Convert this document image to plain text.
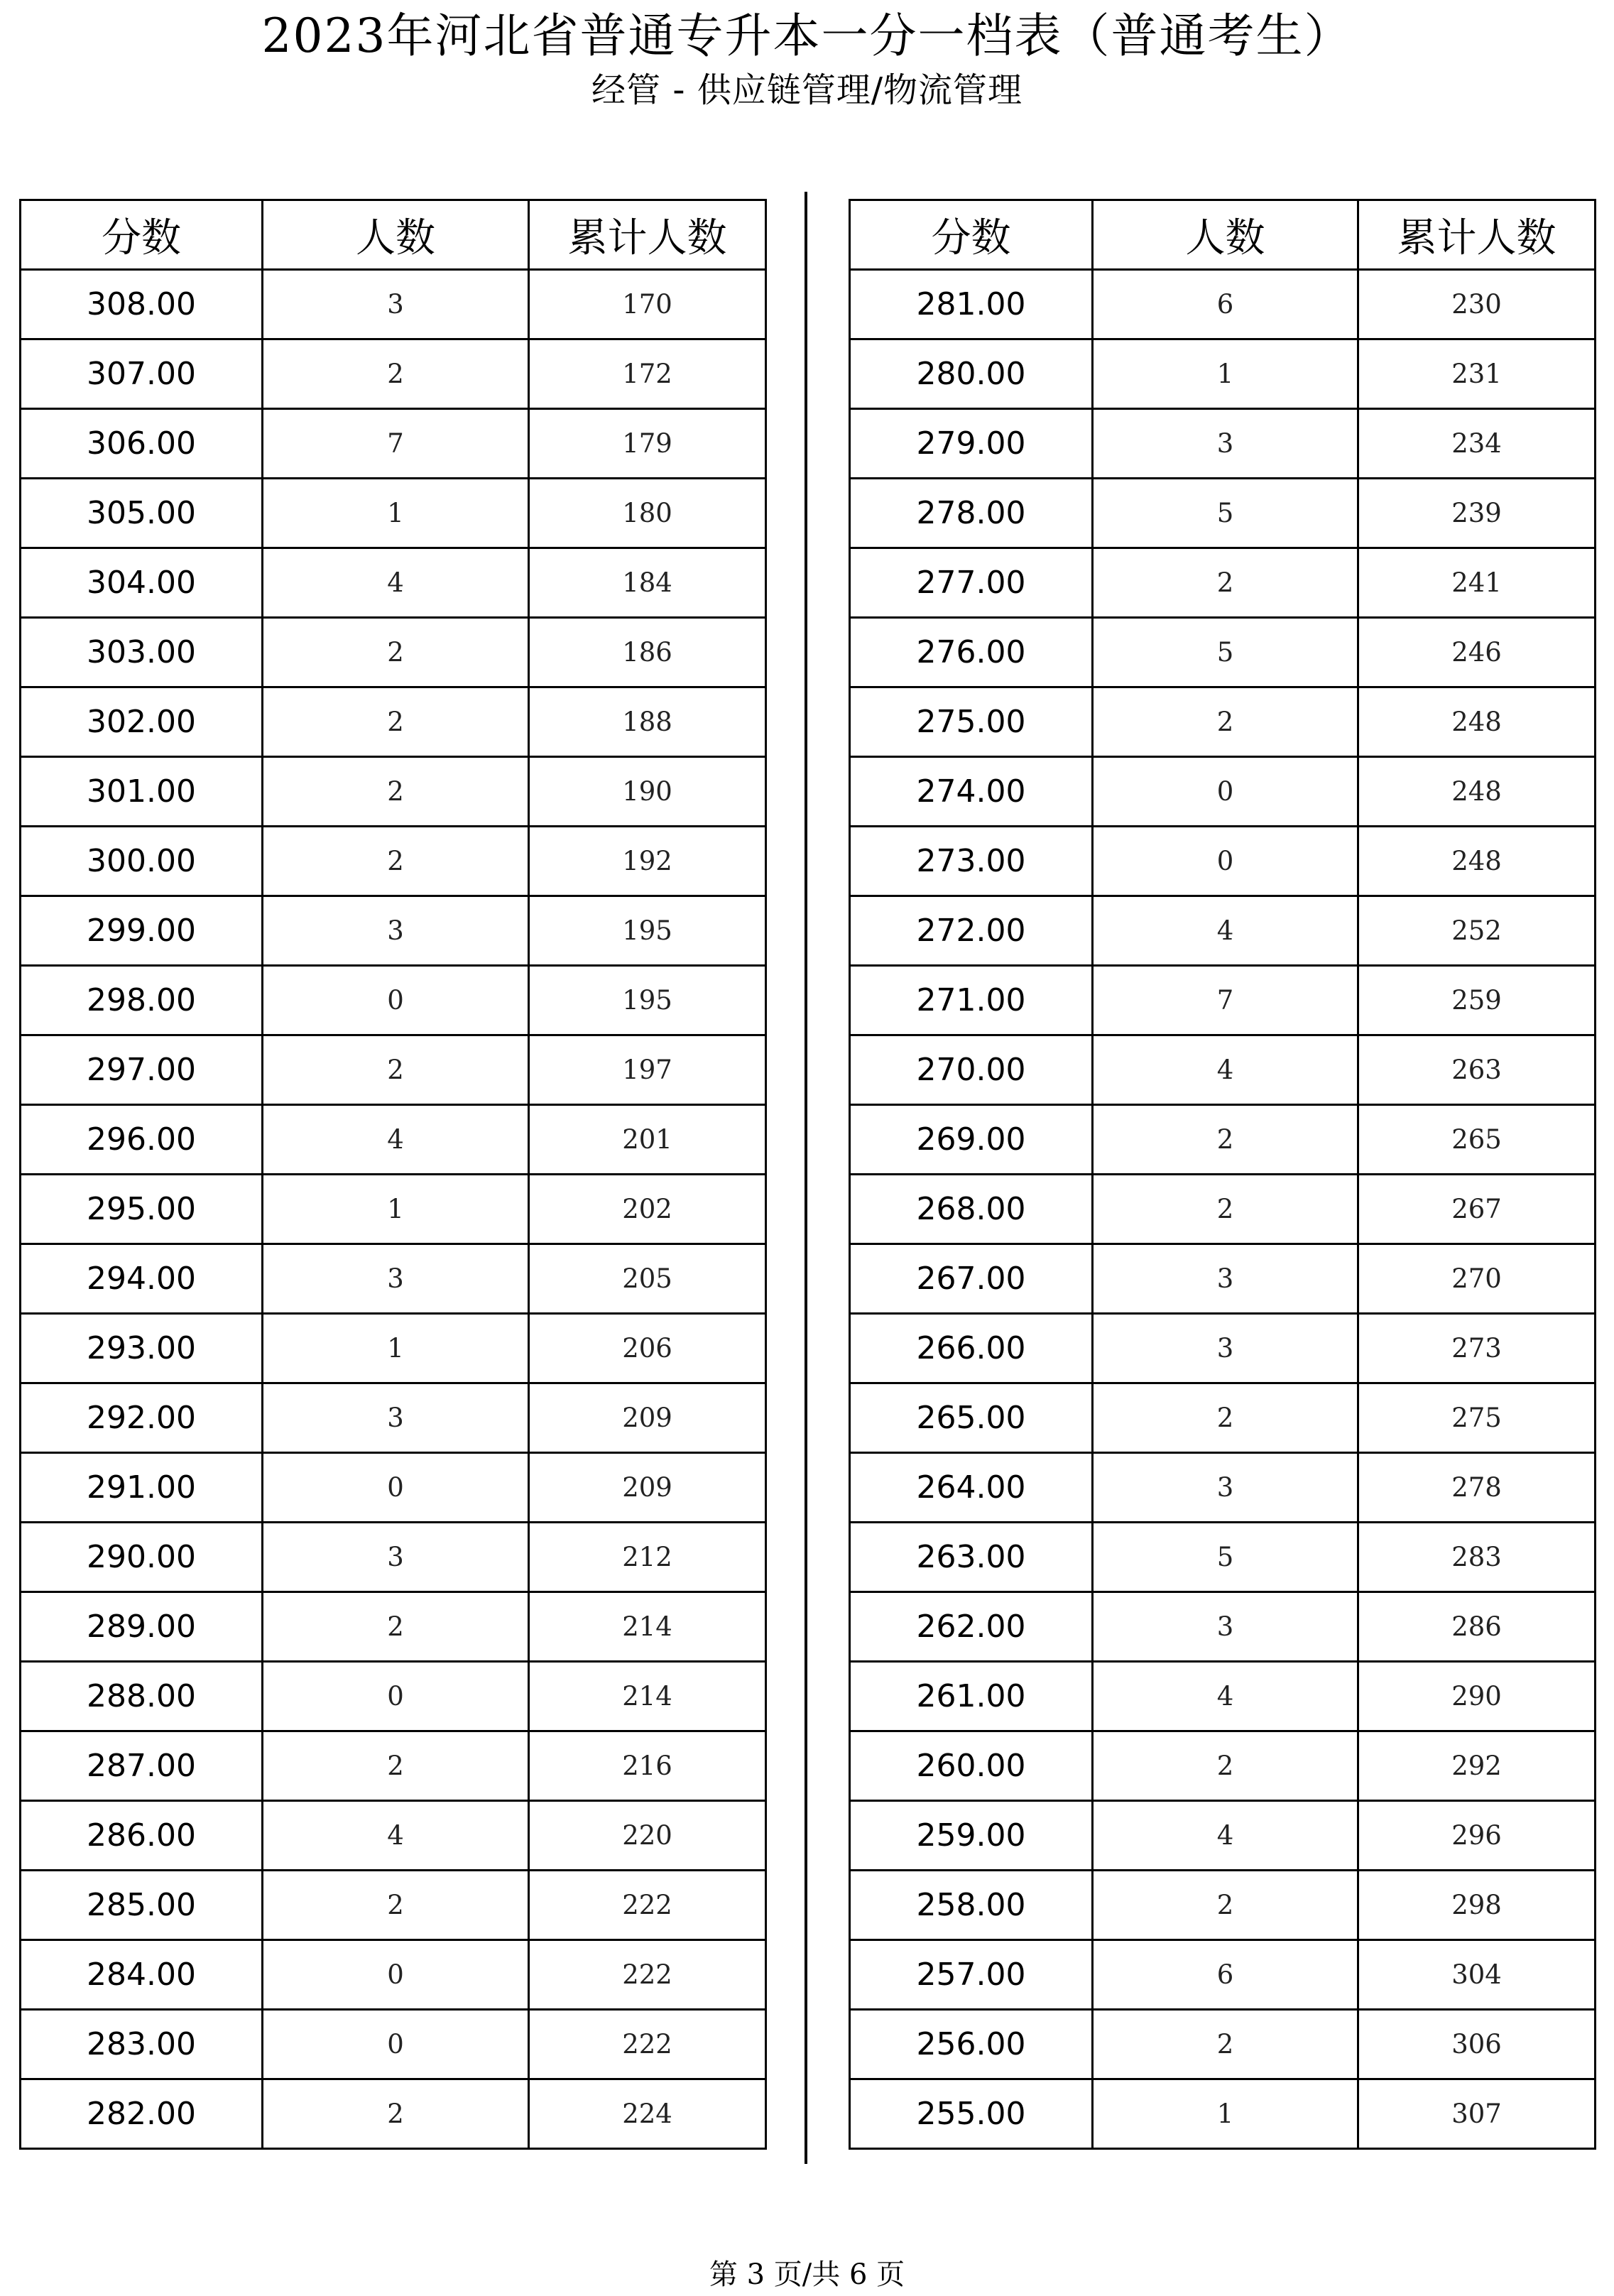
2023年河北省普通专升本一分一档表（普通考生）
经管 - 供应链管理/物流管理
分数	人数	累计人数
308.00	3	170
307.00	2	172
306.00	7	179
305.00	1	180
304.00	4	184
303.00	2	186
302.00	2	188
301.00	2	190
300.00	2	192
299.00	3	195
298.00	0	195
297.00	2	197
296.00	4	201
295.00	1	202
294.00	3	205
293.00	1	206
292.00	3	209
291.00	0	209
290.00	3	212
289.00	2	214
288.00	0	214
287.00	2	216
286.00	4	220
285.00	2	222
284.00	0	222
283.00	0	222
282.00	2	224
分数	人数	累计人数
281.00	6	230
280.00	1	231
279.00	3	234
278.00	5	239
277.00	2	241
276.00	5	246
275.00	2	248
274.00	0	248
273.00	0	248
272.00	4	252
271.00	7	259
270.00	4	263
269.00	2	265
268.00	2	267
267.00	3	270
266.00	3	273
265.00	2	275
264.00	3	278
263.00	5	283
262.00	3	286
261.00	4	290
260.00	2	292
259.00	4	296
258.00	2	298
257.00	6	304
256.00	2	306
255.00	1	307
第 3 页/共 6 页
